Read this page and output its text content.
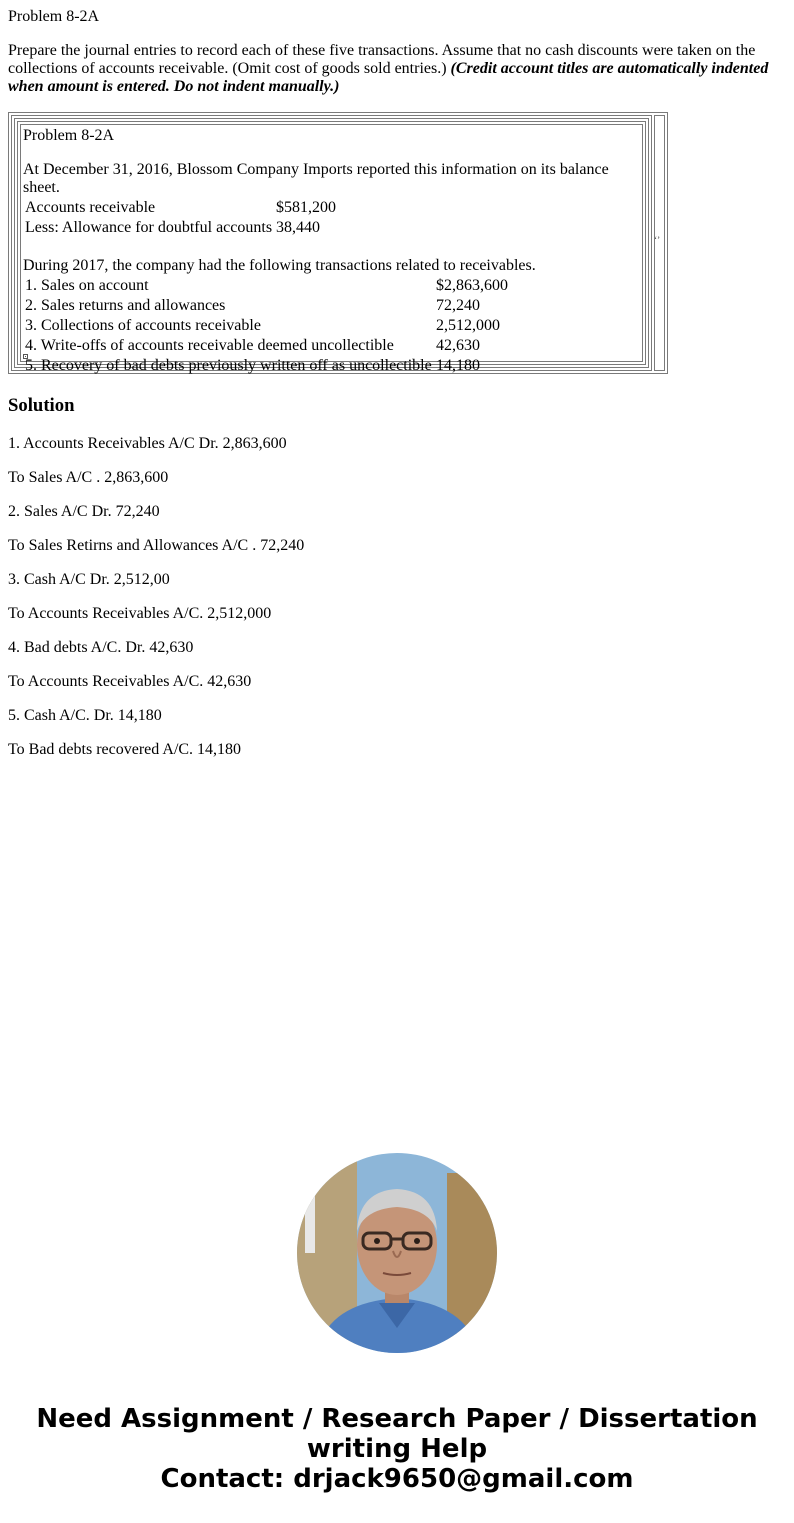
Problem 8-2A

Prepare the journal entries to record each of these five transactions. Assume that no cash discounts were taken on the collections of accounts receivable. (Omit cost of goods sold entries.) (Credit account titles are automatically indented when amount is entered. Do not indent manually.)

Problem 8-2A

At December 31, 2016, Blossom Company Imports reported this information on its balance sheet.

Accounts receivable	$581,200
Less: Allowance for doubtful accounts	38,440

During 2017, the company had the following transactions related to receivables.

1. Sales on account	$2,863,600
2. Sales returns and allowances	72,240
3. Collections of accounts receivable	2,512,000
4. Write-offs of accounts receivable deemed uncollectible	42,630
5. Recovery of bad debts previously written off as uncollectible	14,180
‘’
Solution

1. Accounts Receivables A/C Dr. 2,863,600

To Sales A/C . 2,863,600

2. Sales A/C Dr. 72,240

To Sales Retirns and Allowances A/C . 72,240

3. Cash A/C Dr. 2,512,00

To Accounts Receivables A/C. 2,512,000

4. Bad debts A/C. Dr. 42,630

To Accounts Receivables A/C. 42,630

5. Cash A/C. Dr. 14,180

To Bad debts recovered A/C. 14,180

Need Assignment / Research Paper / Dissertation
writing Help
Contact: drjack9650@gmail.com
